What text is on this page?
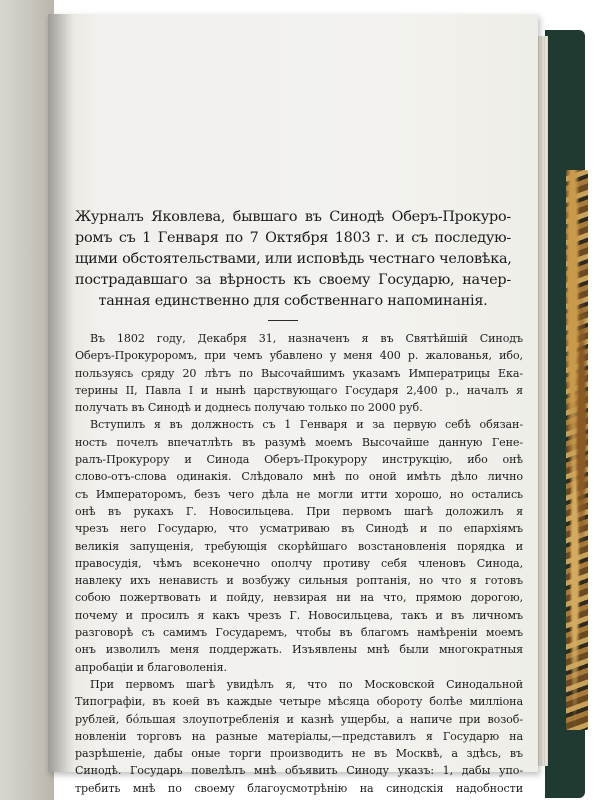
Журналъ Яковлева, бывшаго въ Синодѣ Оберъ-Прокуро-
ромъ съ 1 Генваря по 7 Октября 1803 г. и съ последую-
щими обстоятельствами, или исповѣдь честнаго человѣка,
пострадавшаго за вѣрность къ своему Государю, начер-
танная единственно для собственнаго напоминанія.
Въ 1802 году, Декабря 31, назначенъ я въ Святѣйшій Синодъ
Оберъ-Прокуроромъ, при чемъ убавлено у меня 400 р. жалованья, ибо,
пользуясь сряду 20 лѣтъ по Высочайшимъ указамъ Императрицы Ека-
терины II, Павла I и нынѣ царствующаго Государя 2,400 р., началъ я
получать въ Синодѣ и доднесь получаю только по 2000 руб.
Вступилъ я въ должность съ 1 Генваря и за первую себѣ обязан-
ность почелъ впечатлѣть въ разумѣ моемъ Высочайше данную Гене-
ралъ-Прокурору и Синода Оберъ-Прокурору инструкцію, ибо онѣ
слово-отъ-слова одинакія. Слѣдовало мнѣ по оной имѣть дѣло лично
съ Императоромъ, безъ чего дѣла не могли итти хорошо, но остались
онѣ въ рукахъ Г. Новосильцева. При первомъ шагѣ доложилъ я
чрезъ него Государю, что усматриваю въ Синодѣ и по епархіямъ
великія запущенія, требующія скорѣйшаго возстановленія порядка и
правосудія, чѣмъ всеконечно ополчу противу себя членовъ Синода,
навлеку ихъ ненависть и возбужу сильныя роптанія, но что я готовъ
собою пожертвовать и пойду, невзирая ни на что, прямою дорогою,
почему и просилъ я какъ чрезъ Г. Новосильцева, такъ и въ личномъ
разговорѣ съ самимъ Государемъ, чтобы въ благомъ намѣреніи моемъ
онъ изволилъ меня поддержать. Изъявлены мнѣ были многократныя
апробаціи и благоволенія.
При первомъ шагѣ увидѣлъ я, что по Московской Синодальной
Типографіи, въ коей въ каждые четыре мѣсяца обороту болѣе милліона
рублей, бóльшая злоупотребленія и казнѣ ущербы, а напиче при возоб-
новленіи торговъ на разные матеріалы,—представилъ я Государю на
разрѣшеніе, дабы оные торги производить не въ Москвѣ, а здѣсь, въ
Синодѣ. Государь повелѣлъ мнѣ объявить Синоду указъ: 1, дабы упо-
требить мнѣ по своему благоусмотрѣнію на синодскія надобности
